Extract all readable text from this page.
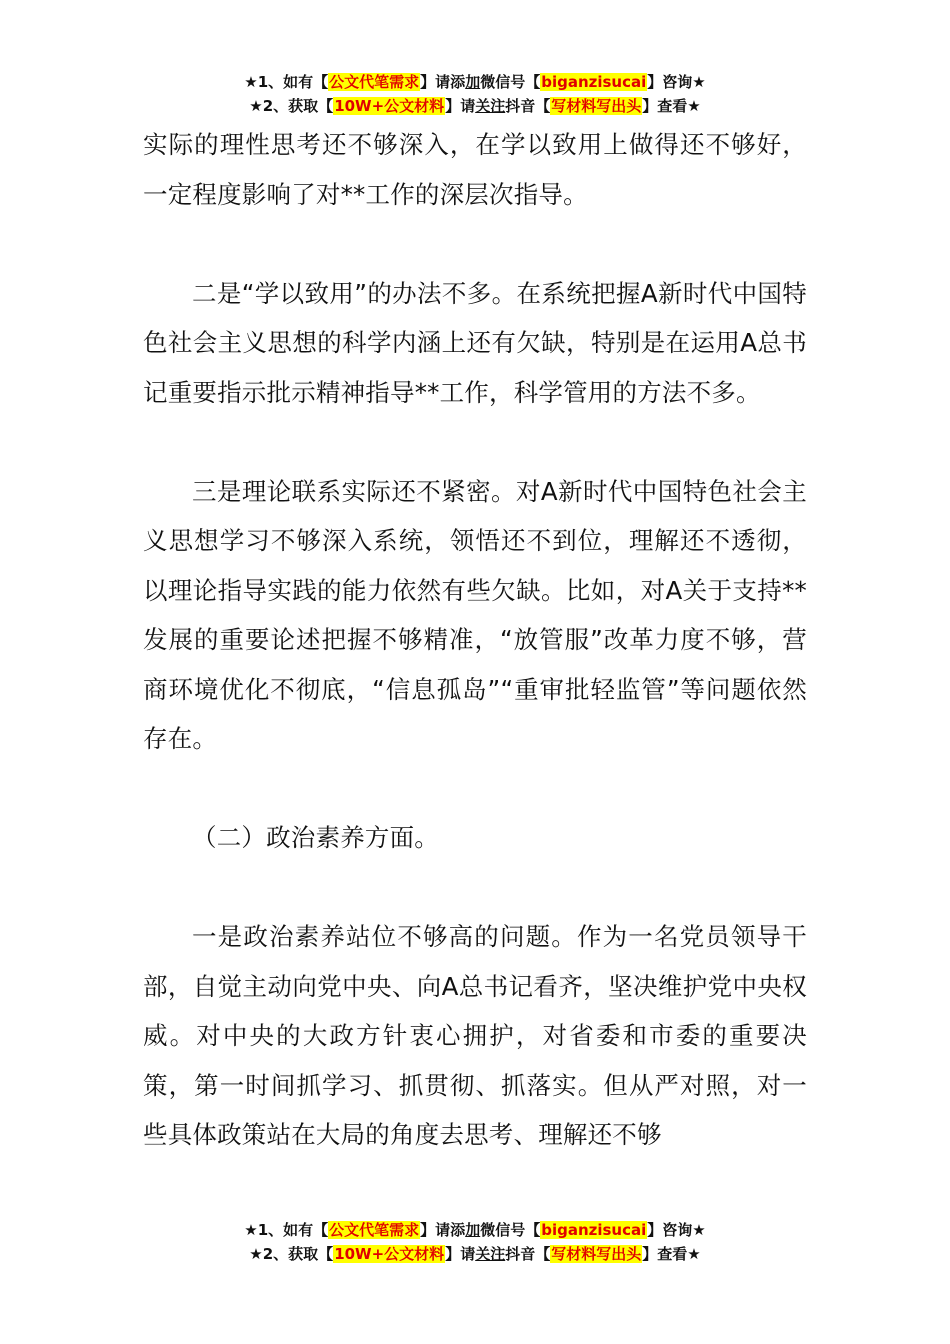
★1、如有【公文代笔需求】请添加微信号【biganzisucai】咨询★
★2、获取【10W+公文材料】请关注抖音【写材料写出头】查看★

实际的理性思考还不够深入，在学以致用上做得还不够好，一定程度影响了对**工作的深层次指导。

二是“学以致用”的办法不多。在系统把握A新时代中国特色社会主义思想的科学内涵上还有欠缺，特别是在运用A总书记重要指示批示精神指导**工作，科学管用的方法不多。

三是理论联系实际还不紧密。对A新时代中国特色社会主义思想学习不够深入系统，领悟还不到位，理解还不透彻，以理论指导实践的能力依然有些欠缺。比如，对A关于支持**发展的重要论述把握不够精准，“放管服”改革力度不够，营商环境优化不彻底，“信息孤岛”“重审批轻监管”等问题依然存在。

（二）政治素养方面。

一是政治素养站位不够高的问题。作为一名党员领导干部，自觉主动向党中央、向A总书记看齐，坚决维护党中央权威。对中央的大政方针衷心拥护，对省委和市委的重要决策，第一时间抓学习、抓贯彻、抓落实。但从严对照，对一些具体政策站在大局的角度去思考、理解还不够

★1、如有【公文代笔需求】请添加微信号【biganzisucai】咨询★
★2、获取【10W+公文材料】请关注抖音【写材料写出头】查看★
